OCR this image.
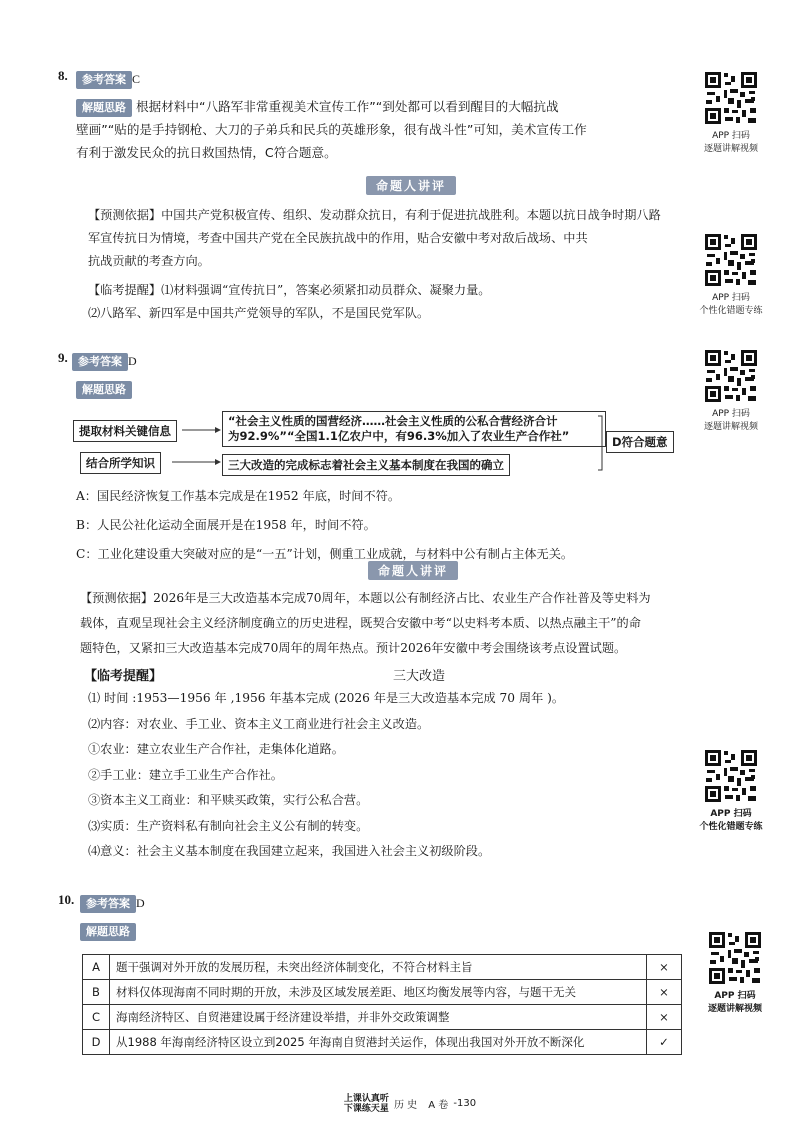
8.	参考答案 C
解题思路 根据材料中“八路军非常重视美术宣传工作”“到处都可以看到醒目的大幅抗战
壁画”“贴的是手持钢枪、大刀的子弟兵和民兵的英雄形象，很有战斗性”可知，美术宣传工作
有利于激发民众的抗日救国热情，C符合题意。
APP 扫码
逐题讲解视频
命题人讲评
【预测依据】中国共产党积极宣传、组织、发动群众抗日，有利于促进抗战胜利。本题以抗日战争时期八路
军宣传抗日为情境，考查中国共产党在全民族抗战中的作用，贴合安徽中考对敌后战场、中共
抗战贡献的考查方向。
【临考提醒】⑴材料强调“宣传抗日”，答案必须紧扣动员群众、凝聚力量。
⑵八路军、新四军是中国共产党领导的军队，不是国民党军队。
APP 扫码
个性化错题专练
9. 参考答案 D
解题思路
APP 扫码
逐题讲解视频
提取材料关键信息
结合所学知识
“社会主义性质的国营经济……社会主义性质的公私合营经济合计
为92.9%”“全国1.1亿农户中，有96.3%加入了农业生产合作社”
三大改造的完成标志着社会主义基本制度在我国的确立
D符合题意
A：国民经济恢复工作基本完成是在1952 年底，时间不符。
B：人民公社化运动全面展开是在1958 年，时间不符。
C：工业化建设重大突破对应的是“一五”计划，侧重工业成就，与材料中公有制占主体无关。
命题人讲评
【预测依据】2026年是三大改造基本完成70周年，本题以公有制经济占比、农业生产合作社普及等史料为
载体，直观呈现社会主义经济制度确立的历史进程，既契合安徽中考“以史料考本质、以热点融主干”的命
题特色，又紧扣三大改造基本完成70周年的周年热点。预计2026年安徽中考会围绕该考点设置试题。
【临考提醒】	三大改造
⑴ 时间 :1953—1956 年 ,1956 年基本完成 (2026 年是三大改造基本完成 70 周年 )。
⑵内容：对农业、手工业、资本主义工商业进行社会主义改造。
①农业：建立农业生产合作社，走集体化道路。
②手工业：建立手工业生产合作社。
③资本主义工商业：和平赎买政策，实行公私合营。
⑶实质：生产资料私有制向社会主义公有制的转变。
⑷意义：社会主义基本制度在我国建立起来，我国进入社会主义初级阶段。
APP 扫码
个性化错题专练
10.	参考答案 D
解题思路
A	题干强调对外开放的发展历程，未突出经济体制变化，不符合材料主旨	×
B	材料仅体现海南不同时期的开放，未涉及区域发展差距、地区均衡发展等内容，与题干无关	×
C	海南经济特区、自贸港建设属于经济建设举措，并非外交政策调整	×
D	从1988 年海南经济特区设立到2025 年海南自贸港封关运作，体现出我国对外开放不断深化	✓
APP 扫码
逐题讲解视频
上课认真听
下课练天星 历 史 A 卷 -130
